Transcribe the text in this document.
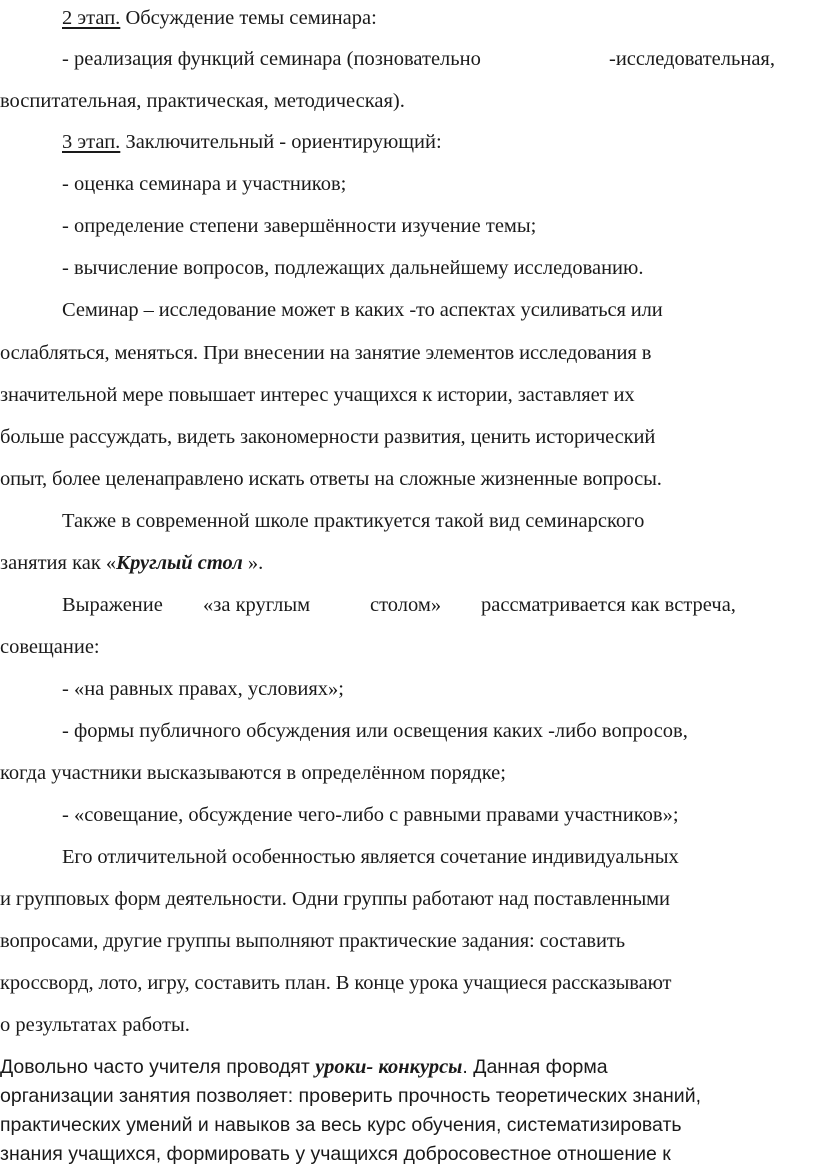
2 этап. Обсуждение темы семинара:
- реализация функций семинара (позновательно	-исследовательная,
воспитательная, практическая, методическая).
3 этап. Заключительный - ориентирующий:
- оценка семинара и участников;
- определение степени завершённости изучение темы;
- вычисление вопросов, подлежащих дальнейшему исследованию.
Семинар – исследование может в каких -то аспектах усиливаться или
ослабляться, меняться. При внесении на занятие элементов исследования в
значительной мере повышает интерес учащихся к истории, заставляет их
больше рассуждать, видеть закономерности развития, ценить исторический
опыт, более целенаправлено искать ответы на сложные жизненные вопросы.
Также в современной школе практикуется такой вид семинарского
занятия как «Круглый стол ».
Выражение «за круглым	столом» рассматривается как встреча,
совещание:
- «на равных правах, условиях»;
- формы публичного обсуждения или освещения каких -либо вопросов,
когда участники высказываются в определённом порядке;
- «совещание, обсуждение чего-либо с равными правами участников»;
Его отличительной особенностью является сочетание индивидуальных
и групповых форм деятельности. Одни группы работают над поставленными
вопросами, другие группы выполняют практические задания: составить
кроссворд, лото, игру, составить план. В конце урока учащиеся рассказывают
о результатах работы.
Довольно часто учителя проводят уроки- конкурсы. Данная форма
организации занятия позволяет: проверить прочность теоретических знаний,
практических умений и навыков за весь курс обучения, систематизировать
знания учащихся, формировать у учащихся добросовестное отношение к
